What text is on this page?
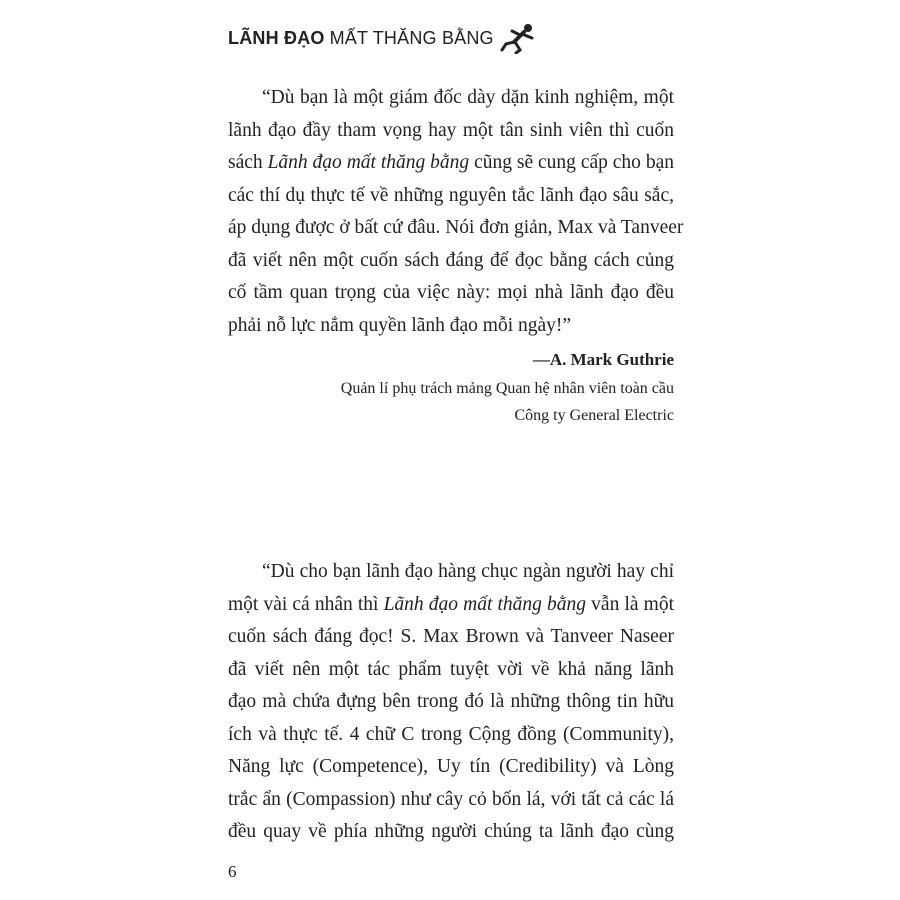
LÃNH ĐẠO MẤT THĂNG BẰNG
“Dù bạn là một giám đốc dày dặn kinh nghiệm, một
lãnh đạo đầy tham vọng hay một tân sinh viên thì cuốn
sách Lãnh đạo mất thăng bằng cũng sẽ cung cấp cho bạn
các thí dụ thực tế về những nguyên tắc lãnh đạo sâu sắc,
áp dụng được ở bất cứ đâu. Nói đơn giản, Max và Tanveer
đã viết nên một cuốn sách đáng để đọc bằng cách củng
cố tầm quan trọng của việc này: mọi nhà lãnh đạo đều
phải nỗ lực nắm quyền lãnh đạo mỗi ngày!”
—A. Mark Guthrie
Quản lí phụ trách mảng Quan hệ nhân viên toàn cầu
Công ty General Electric
“Dù cho bạn lãnh đạo hàng chục ngàn người hay chỉ
một vài cá nhân thì Lãnh đạo mất thăng bằng vẫn là một
cuốn sách đáng đọc! S. Max Brown và Tanveer Naseer
đã viết nên một tác phẩm tuyệt vời về khả năng lãnh
đạo mà chứa đựng bên trong đó là những thông tin hữu
ích và thực tế. 4 chữ C trong Cộng đồng (Community),
Năng lực (Competence), Uy tín (Credibility) và Lòng
trắc ẩn (Compassion) như cây cỏ bốn lá, với tất cả các lá
đều quay về phía những người chúng ta lãnh đạo cùng
6
